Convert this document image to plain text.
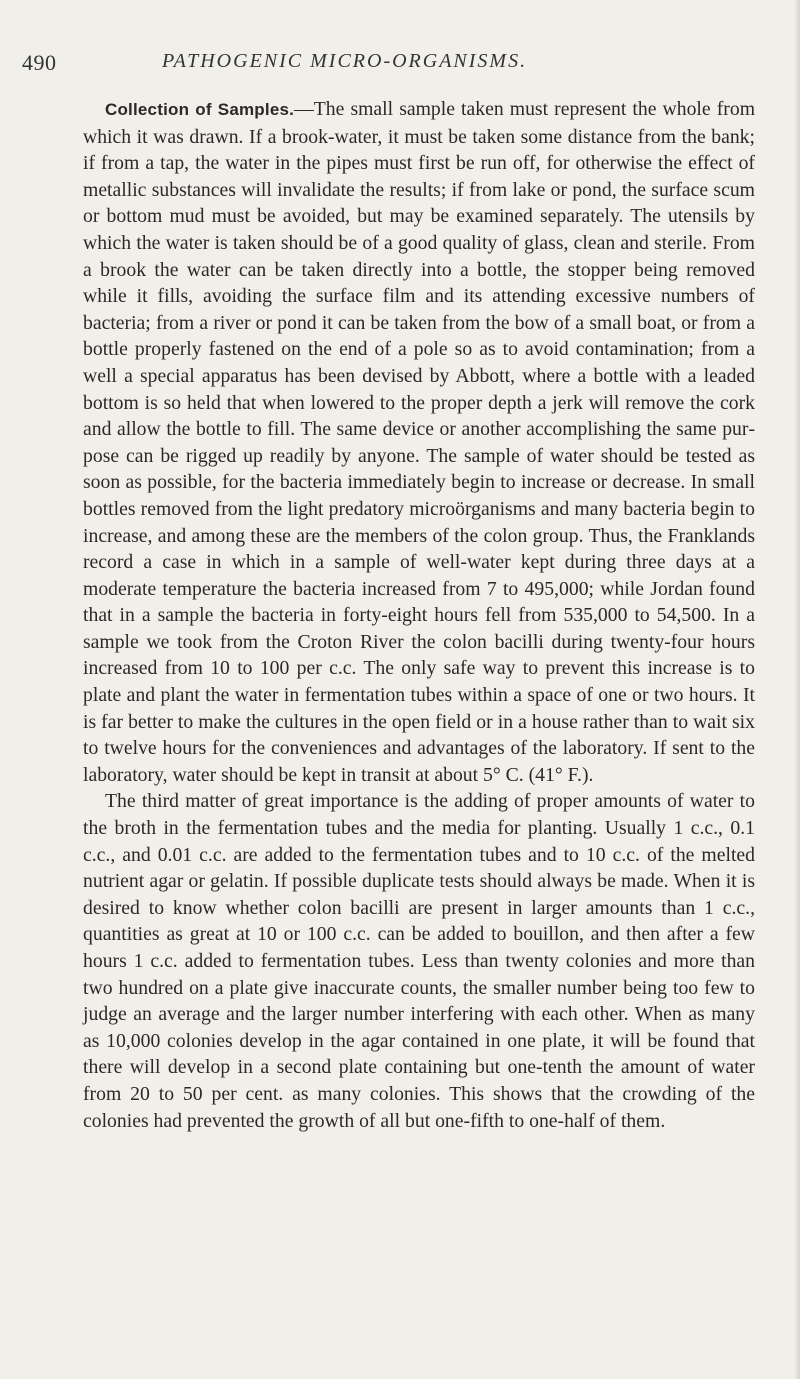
490	PATHOGENIC MICRO-ORGANISMS.

Collection of Samples.—The small sample taken must represent the whole from which it was drawn. If a brook-water, it must be taken some distance from the bank; if from a tap, the water in the pipes must first be run off, for otherwise the effect of metallic substances will invalidate the results; if from lake or pond, the surface scum or bottom mud must be avoided, but may be examined separately. The utensils by which the water is taken should be of a good quality of glass, clean and sterile. From a brook the water can be taken directly into a bottle, the stopper being removed while it fills, avoiding the surface film and its attending excessive numbers of bacteria; from a river or pond it can be taken from the bow of a small boat, or from a bottle properly fastened on the end of a pole so as to avoid contamination; from a well a special apparatus has been devised by Abbott, where a bottle with a leaded bottom is so held that when lowered to the proper depth a jerk will remove the cork and allow the bottle to fill. The same device or another accomplishing the same purpose can be rigged up readily by anyone. The sample of water should be tested as soon as possible, for the bacteria immediately begin to increase or decrease. In small bottles removed from the light predatory microörganisms and many bacteria begin to increase, and among these are the members of the colon group. Thus, the Franklands record a case in which in a sample of well-water kept during three days at a moderate temperature the bacteria increased from 7 to 495,000; while Jordan found that in a sample the bacteria in forty-eight hours fell from 535,000 to 54,500. In a sample we took from the Croton River the colon bacilli during twenty-four hours increased from 10 to 100 per c.c. The only safe way to prevent this increase is to plate and plant the water in fermentation tubes within a space of one or two hours. It is far better to make the cultures in the open field or in a house rather than to wait six to twelve hours for the conveniences and advantages of the laboratory. If sent to the laboratory, water should be kept in transit at about 5° C. (41° F.).

The third matter of great importance is the adding of proper amounts of water to the broth in the fermentation tubes and the media for planting. Usually 1 c.c., 0.1 c.c., and 0.01 c.c. are added to the fermentation tubes and to 10 c.c. of the melted nutrient agar or gelatin. If possible duplicate tests should always be made. When it is desired to know whether colon bacilli are present in larger amounts than 1 c.c., quantities as great at 10 or 100 c.c. can be added to bouillon, and then after a few hours 1 c.c. added to fermentation tubes. Less than twenty colonies and more than two hundred on a plate give inaccurate counts, the smaller number being too few to judge an average and the larger number interfering with each other. When as many as 10,000 colonies develop in the agar contained in one plate, it will be found that there will develop in a second plate containing but one-tenth the amount of water from 20 to 50 per cent. as many colonies. This shows that the crowding of the colonies had prevented the growth of all but one-fifth to one-half of them.
